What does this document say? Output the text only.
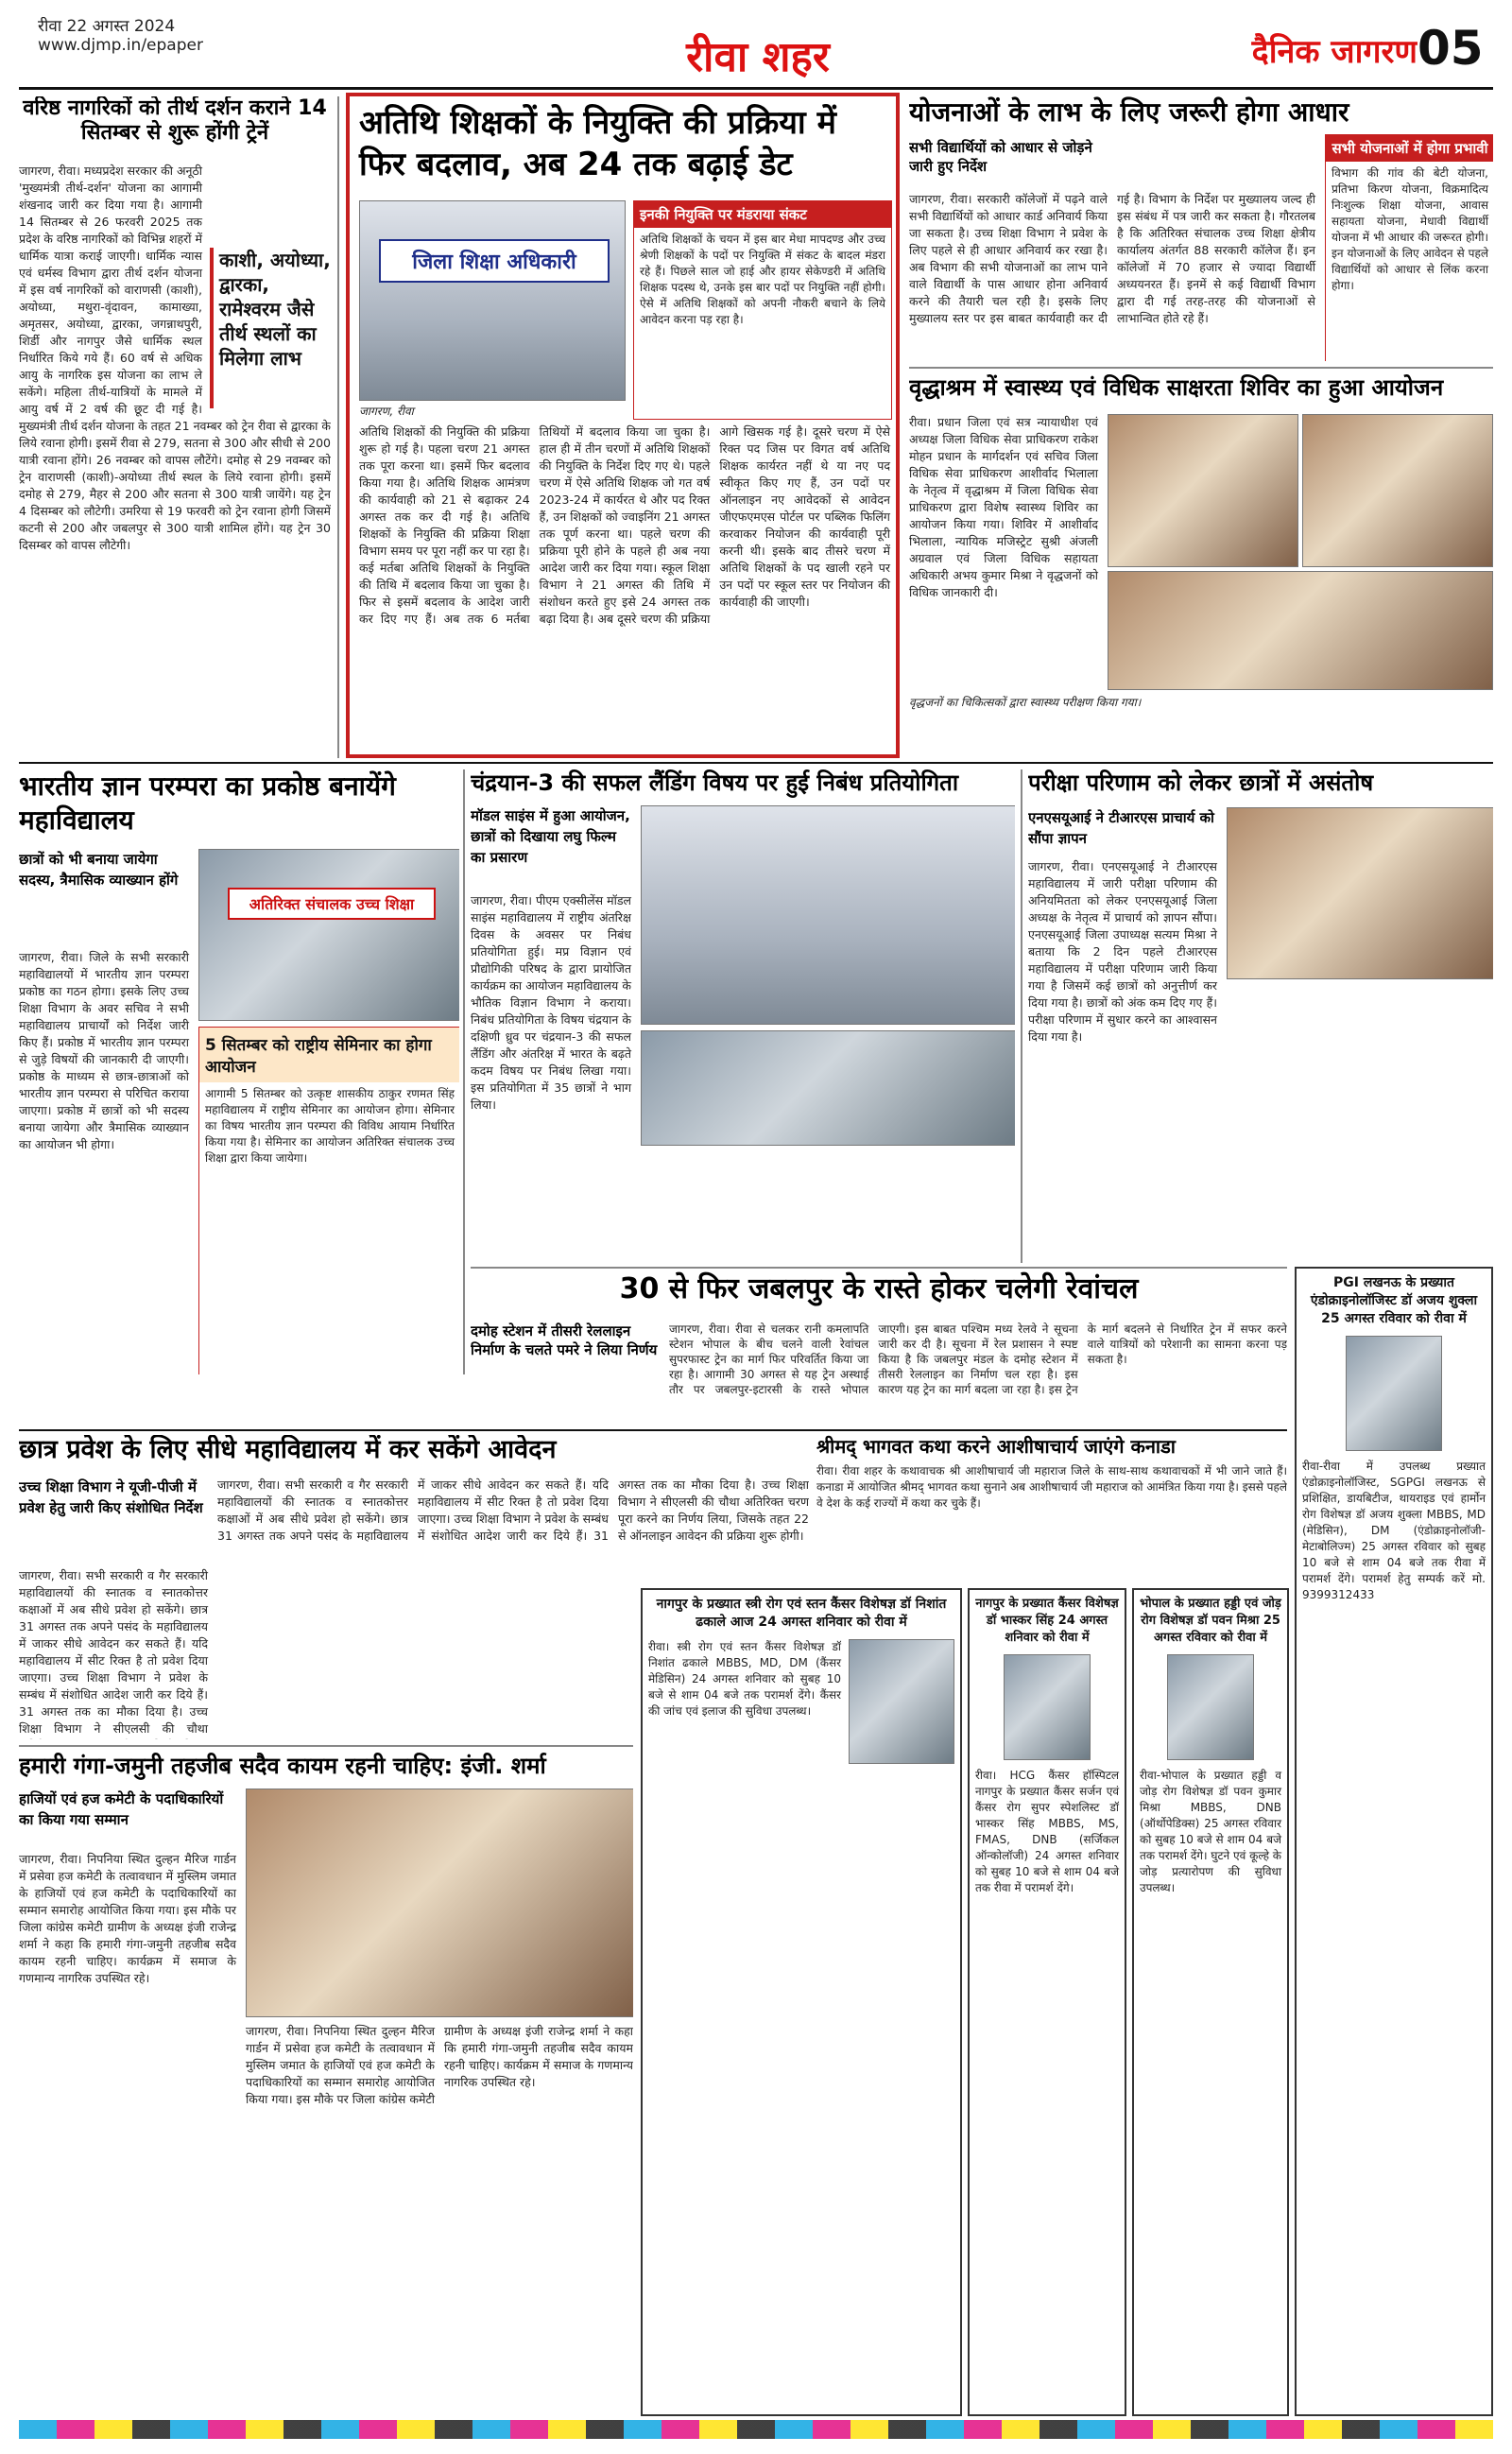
रीवा 22 अगस्त 2024
www.djmp.in/epaper	रीवा शहर	दैनिक जागरण 05
वरिष्ठ नागरिकों को तीर्थ दर्शन कराने 14 सितम्बर से शुरू होंगी ट्रेनें
काशी, अयोध्या, द्वारका, रामेश्वरम जैसे तीर्थ स्थलों का मिलेगा लाभ

जागरण, रीवा। मध्यप्रदेश सरकार की अनूठी 'मुख्यमंत्री तीर्थ-दर्शन' योजना का आगामी शंखनाद जारी कर दिया गया है। आगामी 14 सितम्बर से 26 फरवरी 2025 तक प्रदेश के वरिष्ठ नागरिकों को विभिन्न शहरों में धार्मिक यात्रा कराई जाएगी। धार्मिक न्यास एवं धर्मस्व विभाग द्वारा तीर्थ दर्शन योजना में इस वर्ष नागरिकों को वाराणसी (काशी), अयोध्या, मथुरा-वृंदावन, कामाख्या, अमृतसर, अयोध्या, द्वारका, जगन्नाथपुरी, शिर्डी और नागपुर जैसे धार्मिक स्थल निर्धारित किये गये हैं। 60 वर्ष से अधिक आयु के नागरिक इस योजना का लाभ ले सकेंगे। महिला तीर्थ-यात्रियों के मामले में आयु वर्ष में 2 वर्ष की छूट दी गई है। मुख्यमंत्री तीर्थ दर्शन योजना के तहत 21 नवम्बर को ट्रेन रीवा से द्वारका के लिये रवाना होगी। इसमें रीवा से 279, सतना से 300 और सीधी से 200 यात्री रवाना होंगे। 26 नवम्बर को वापस लौटेंगे। दमोह से 29 नवम्बर को ट्रेन वाराणसी (काशी)-अयोध्या तीर्थ स्थल के लिये रवाना होगी। इसमें दमोह से 279, मैहर से 200 और सतना से 300 यात्री जायेंगे। यह ट्रेन 4 दिसम्बर को लौटेगी। उमरिया से 19 फरवरी को ट्रेन रवाना होगी जिसमें कटनी से 200 और जबलपुर से 300 यात्री शामिल होंगे। यह ट्रेन 30 दिसम्बर को वापस लौटेगी।

अतिथि शिक्षकों के नियुक्ति की प्रक्रिया में फिर बदलाव, अब 24 तक बढ़ाई डेट
जिला शिक्षा अधिकारी
जागरण, रीवा
इनकी नियुक्ति पर मंडराया संकट
अतिथि शिक्षकों के चयन में इस बार मेधा मापदण्ड और उच्च श्रेणी शिक्षकों के पदों पर नियुक्ति में संकट के बादल मंडरा रहे हैं। पिछले साल जो हाई और हायर सेकेण्डरी में अतिथि शिक्षक पदस्थ थे, उनके इस बार पदों पर नियुक्ति नहीं होगी। ऐसे में अतिथि शिक्षकों को अपनी नौकरी बचाने के लिये आवेदन करना पड़ रहा है।
अतिथि शिक्षकों की नियुक्ति की प्रक्रिया शुरू हो गई है। पहला चरण 21 अगस्त तक पूरा करना था। इसमें फिर बदलाव किया गया है। अतिथि शिक्षक आमंत्रण की कार्यवाही को 21 से बढ़ाकर 24 अगस्त तक कर दी गई है। अतिथि शिक्षकों के नियुक्ति की प्रक्रिया शिक्षा विभाग समय पर पूरा नहीं कर पा रहा है। कई मर्तबा अतिथि शिक्षकों के नियुक्ति की तिथि में बदलाव किया जा चुका है। फिर से इसमें बदलाव के आदेश जारी कर दिए गए हैं। अब तक 6 मर्तबा तिथियों में बदलाव किया जा चुका है। हाल ही में तीन चरणों में अतिथि शिक्षकों की नियुक्ति के निर्देश दिए गए थे। पहले चरण में ऐसे अतिथि शिक्षक जो गत वर्ष 2023-24 में कार्यरत थे और पद रिक्त हैं, उन शिक्षकों को ज्वाइनिंग 21 अगस्त तक पूर्ण करना था। पहले चरण की प्रक्रिया पूरी होने के पहले ही अब नया आदेश जारी कर दिया गया। स्कूल शिक्षा विभाग ने 21 अगस्त की तिथि में संशोधन करते हुए इसे 24 अगस्त तक बढ़ा दिया है। अब दूसरे चरण की प्रक्रिया आगे खिसक गई है। दूसरे चरण में ऐसे रिक्त पद जिस पर विगत वर्ष अतिथि शिक्षक कार्यरत नहीं थे या नए पद स्वीकृत किए गए हैं, उन पदों पर ऑनलाइन नए आवेदकों से आवेदन जीएफएमएस पोर्टल पर पब्लिक फिलिंग करवाकर नियोजन की कार्यवाही पूरी करनी थी। इसके बाद तीसरे चरण में अतिथि शिक्षकों के पद खाली रहने पर उन पदों पर स्कूल स्तर पर नियोजन की कार्यवाही की जाएगी।
योजनाओं के लाभ के लिए जरूरी होगा आधार
सभी विद्यार्थियों को आधार से जोड़ने जारी हुए निर्देश
जागरण, रीवा। सरकारी कॉलेजों में पढ़ने वाले सभी विद्यार्थियों को आधार कार्ड अनिवार्य किया जा सकता है। उच्च शिक्षा विभाग ने प्रवेश के लिए पहले से ही आधार अनिवार्य कर रखा है। अब विभाग की सभी योजनाओं का लाभ पाने वाले विद्यार्थी के पास आधार होना अनिवार्य करने की तैयारी चल रही है। इसके लिए मुख्यालय स्तर पर इस बाबत कार्यवाही कर दी गई है। विभाग के निर्देश पर मुख्यालय जल्द ही इस संबंध में पत्र जारी कर सकता है। गौरतलब है कि अतिरिक्त संचालक उच्च शिक्षा क्षेत्रीय कार्यालय अंतर्गत 88 सरकारी कॉलेज हैं। इन कॉलेजों में 70 हजार से ज्यादा विद्यार्थी अध्ययनरत हैं। इनमें से कई विद्यार्थी विभाग द्वारा दी गई तरह-तरह की योजनाओं से लाभान्वित होते रहे हैं।
सभी योजनाओं में होगा प्रभावी
विभाग की गांव की बेटी योजना, प्रतिभा किरण योजना, विक्रमादित्य निःशुल्क शिक्षा योजना, आवास सहायता योजना, मेधावी विद्यार्थी योजना में भी आधार की जरूरत होगी। इन योजनाओं के लिए आवेदन से पहले विद्यार्थियों को आधार से लिंक करना होगा।
वृद्धाश्रम में स्वास्थ्य एवं विधिक साक्षरता शिविर का हुआ आयोजन
रीवा। प्रधान जिला एवं सत्र न्यायाधीश एवं अध्यक्ष जिला विधिक सेवा प्राधिकरण राकेश मोहन प्रधान के मार्गदर्शन एवं सचिव जिला विधिक सेवा प्राधिकरण आशीर्वाद भिलाला के नेतृत्व में वृद्धाश्रम में जिला विधिक सेवा प्राधिकरण द्वारा विशेष स्वास्थ्य शिविर का आयोजन किया गया। शिविर में आशीर्वाद भिलाला, न्यायिक मजिस्ट्रेट सुश्री अंजली अग्रवाल एवं जिला विधिक सहायता अधिकारी अभय कुमार मिश्रा ने वृद्धजनों को विधिक जानकारी दी।
वृद्धजनों का चिकित्सकों द्वारा स्वास्थ्य परीक्षण किया गया।
भारतीय ज्ञान परम्परा का प्रकोष्ठ बनायेंगे महाविद्यालय
छात्रों को भी बनाया जायेगा सदस्य, त्रैमासिक व्याख्यान होंगे
अतिरिक्त संचालक उच्च शिक्षा
जागरण, रीवा। जिले के सभी सरकारी महाविद्यालयों में भारतीय ज्ञान परम्परा प्रकोष्ठ का गठन होगा। इसके लिए उच्च शिक्षा विभाग के अवर सचिव ने सभी महाविद्यालय प्राचार्यों को निर्देश जारी किए हैं। प्रकोष्ठ में भारतीय ज्ञान परम्परा से जुड़े विषयों की जानकारी दी जाएगी। प्रकोष्ठ के माध्यम से छात्र-छात्राओं को भारतीय ज्ञान परम्परा से परिचित कराया जाएगा। प्रकोष्ठ में छात्रों को भी सदस्य बनाया जायेगा और त्रैमासिक व्याख्यान का आयोजन भी होगा।
5 सितम्बर को राष्ट्रीय सेमिनार का होगा आयोजन
आगामी 5 सितम्बर को उत्कृष्ट शासकीय ठाकुर रणमत सिंह महाविद्यालय में राष्ट्रीय सेमिनार का आयोजन होगा। सेमिनार का विषय भारतीय ज्ञान परम्परा की विविध आयाम निर्धारित किया गया है। सेमिनार का आयोजन अतिरिक्त संचालक उच्च शिक्षा द्वारा किया जायेगा।
चंद्रयान-3 की सफल लैंडिंग विषय पर हुई निबंध प्रतियोगिता
मॉडल साइंस में हुआ आयोजन, छात्रों को दिखाया लघु फिल्म का प्रसारण
जागरण, रीवा। पीएम एक्सीलेंस मॉडल साइंस महाविद्यालय में राष्ट्रीय अंतरिक्ष दिवस के अवसर पर निबंध प्रतियोगिता हुई। मप्र विज्ञान एवं प्रौद्योगिकी परिषद के द्वारा प्रायोजित कार्यक्रम का आयोजन महाविद्यालय के भौतिक विज्ञान विभाग ने कराया। निबंध प्रतियोगिता के विषय चंद्रयान के दक्षिणी ध्रुव पर चंद्रयान-3 की सफल लैंडिंग और अंतरिक्ष में भारत के बढ़ते कदम विषय पर निबंध लिखा गया। इस प्रतियोगिता में 35 छात्रों ने भाग लिया।
परीक्षा परिणाम को लेकर छात्रों में असंतोष
एनएसयूआई ने टीआरएस प्राचार्य को सौंपा ज्ञापन
जागरण, रीवा। एनएसयूआई ने टीआरएस महाविद्यालय में जारी परीक्षा परिणाम की अनियमितता को लेकर एनएसयूआई जिला अध्यक्ष के नेतृत्व में प्राचार्य को ज्ञापन सौंपा। एनएसयूआई जिला उपाध्यक्ष सत्यम मिश्रा ने बताया कि 2 दिन पहले टीआरएस महाविद्यालय में परीक्षा परिणाम जारी किया गया है जिसमें कई छात्रों को अनुत्तीर्ण कर दिया गया है। छात्रों को अंक कम दिए गए हैं। परीक्षा परिणाम में सुधार करने का आश्वासन दिया गया है।
30 से फिर जबलपुर के रास्ते होकर चलेगी रेवांचल
दमोह स्टेशन में तीसरी रेललाइन निर्माण के चलते पमरे ने लिया निर्णय
जागरण, रीवा। रीवा से चलकर रानी कमलापति स्टेशन भोपाल के बीच चलने वाली रेवांचल सुपरफास्ट ट्रेन का मार्ग फिर परिवर्तित किया जा रहा है। आगामी 30 अगस्त से यह ट्रेन अस्थाई तौर पर जबलपुर-इटारसी के रास्ते भोपाल जाएगी। इस बाबत पश्चिम मध्य रेलवे ने सूचना जारी कर दी है। सूचना में रेल प्रशासन ने स्पष्ट किया है कि जबलपुर मंडल के दमोह स्टेशन में तीसरी रेललाइन का निर्माण चल रहा है। इस कारण यह ट्रेन का मार्ग बदला जा रहा है। इस ट्रेन के मार्ग बदलने से निर्धारित ट्रेन में सफर करने वाले यात्रियों को परेशानी का सामना करना पड़ सकता है।
PGI लखनऊ के प्रख्यात एंडोक्राइनोलॉजिस्ट डॉ अजय शुक्ला 25 अगस्त रविवार को रीवा में
रीवा-रीवा में उपलब्ध प्रख्यात एंडोक्राइनोलॉजिस्ट, SGPGI लखनऊ से प्रशिक्षित, डायबिटीज, थायराइड एवं हार्मोन रोग विशेषज्ञ डॉ अजय शुक्ला MBBS, MD (मेडिसिन), DM (एंडोक्राइनोलॉजी-मेटाबोलिज्म) 25 अगस्त रविवार को सुबह 10 बजे से शाम 04 बजे तक रीवा में परामर्श देंगे। परामर्श हेतु सम्पर्क करें मो. 9399312433
छात्र प्रवेश के लिए सीधे महाविद्यालय में कर सकेंगे आवेदन
उच्च शिक्षा विभाग ने यूजी-पीजी में प्रवेश हेतु जारी किए संशोधित निर्देश
जागरण, रीवा। सभी सरकारी व गैर सरकारी महाविद्यालयों की स्नातक व स्नातकोत्तर कक्षाओं में अब सीधे प्रवेश हो सकेंगे। छात्र 31 अगस्त तक अपने पसंद के महाविद्यालय में जाकर सीधे आवेदन कर सकते हैं। यदि महाविद्यालय में सीट रिक्त है तो प्रवेश दिया जाएगा। उच्च शिक्षा विभाग ने प्रवेश के सम्बंध में संशोधित आदेश जारी कर दिये हैं। 31 अगस्त तक का मौका दिया है। उच्च शिक्षा विभाग ने सीएलसी की चौथा
जागरण, रीवा। सभी सरकारी व गैर सरकारी महाविद्यालयों की स्नातक व स्नातकोत्तर कक्षाओं में अब सीधे प्रवेश हो सकेंगे। छात्र 31 अगस्त तक अपने पसंद के महाविद्यालय में जाकर सीधे आवेदन कर सकते हैं। यदि महाविद्यालय में सीट रिक्त है तो प्रवेश दिया जाएगा। उच्च शिक्षा विभाग ने प्रवेश के सम्बंध में संशोधित आदेश जारी कर दिये हैं। 31 अगस्त तक का मौका दिया है। उच्च शिक्षा विभाग ने सीएलसी की चौथा अतिरिक्त चरण पूरा करने का निर्णय लिया, जिसके तहत 22 से ऑनलाइन आवेदन की प्रक्रिया शुरू होगी।
श्रीमद् भागवत कथा करने आशीषाचार्य जाएंगे कनाडा
रीवा। रीवा शहर के कथावाचक श्री आशीषाचार्य जी महाराज जिले के साथ-साथ कथावाचकों में भी जाने जाते हैं। कनाडा में आयोजित श्रीमद् भागवत कथा सुनाने अब आशीषाचार्य जी महाराज को आमंत्रित किया गया है। इससे पहले वे देश के कई राज्यों में कथा कर चुके हैं।
नागपुर के प्रख्यात स्त्री रोग एवं स्तन कैंसर विशेषज्ञ डॉ निशांत ढकाले आज 24 अगस्त शनिवार को रीवा में
रीवा। स्त्री रोग एवं स्तन कैंसर विशेषज्ञ डॉ निशांत ढकाले MBBS, MD, DM (कैंसर मेडिसिन) 24 अगस्त शनिवार को सुबह 10 बजे से शाम 04 बजे तक परामर्श देंगे। कैंसर की जांच एवं इलाज की सुविधा उपलब्ध।
नागपुर के प्रख्यात कैंसर विशेषज्ञ डॉ भास्कर सिंह 24 अगस्त शनिवार को रीवा में
रीवा। HCG कैंसर हॉस्पिटल नागपुर के प्रख्यात कैंसर सर्जन एवं कैंसर रोग सुपर स्पेशलिस्ट डॉ भास्कर सिंह MBBS, MS, FMAS, DNB (सर्जिकल ऑन्कोलॉजी) 24 अगस्त शनिवार को सुबह 10 बजे से शाम 04 बजे तक रीवा में परामर्श देंगे।
भोपाल के प्रख्यात हड्डी एवं जोड़ रोग विशेषज्ञ डॉ पवन मिश्रा 25 अगस्त रविवार को रीवा में
रीवा-भोपाल के प्रख्यात हड्डी व जोड़ रोग विशेषज्ञ डॉ पवन कुमार मिश्रा MBBS, DNB (ऑर्थोपेडिक्स) 25 अगस्त रविवार को सुबह 10 बजे से शाम 04 बजे तक परामर्श देंगे। घुटने एवं कूल्हे के जोड़ प्रत्यारोपण की सुविधा उपलब्ध।
हमारी गंगा-जमुनी तहजीब सदैव कायम रहनी चाहिए: इंजी. शर्मा
हाजियों एवं हज कमेटी के पदाधिकारियों का किया गया सम्मान
जागरण, रीवा। निपनिया स्थित दुल्हन मैरिज गार्डन में प्रसेवा हज कमेटी के तत्वावधान में मुस्लिम जमात के हाजियों एवं हज कमेटी के पदाधिकारियों का सम्मान समारोह आयोजित किया गया। इस मौके पर जिला कांग्रेस कमेटी ग्रामीण के अध्यक्ष इंजी राजेन्द्र शर्मा ने कहा कि हमारी गंगा-जमुनी तहजीब सदैव कायम रहनी चाहिए। कार्यक्रम में समाज के गणमान्य नागरिक उपस्थित रहे।
जागरण, रीवा। निपनिया स्थित दुल्हन मैरिज गार्डन में प्रसेवा हज कमेटी के तत्वावधान में मुस्लिम जमात के हाजियों एवं हज कमेटी के पदाधिकारियों का सम्मान समारोह आयोजित किया गया। इस मौके पर जिला कांग्रेस कमेटी ग्रामीण के अध्यक्ष इंजी राजेन्द्र शर्मा ने कहा कि हमारी गंगा-जमुनी तहजीब सदैव कायम रहनी चाहिए। कार्यक्रम में समाज के गणमान्य नागरिक उपस्थित रहे।
